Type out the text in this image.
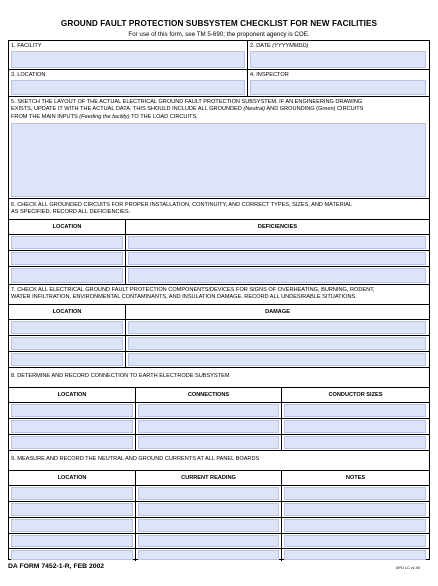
GROUND FAULT PROTECTION SUBSYSTEM CHECKLIST FOR NEW FACILITIES
For use of this form, see TM 5-690; the proponent agency is COE.
1. FACILITY	2. DATE (YYYYMMDD)
3. LOCATION	4. INSPECTOR
5. SKETCH THE LAYOUT OF THE ACTUAL ELECTRICAL GROUND FAULT PROTECTION SUBSYSTEM. IF AN ENGINEERING DRAWING
EXISTS, UPDATE IT WITH THE ACTUAL DATA. THIS SHOULD INCLUDE ALL GROUNDED (Neutral) AND GROUNDING (Green) CIRCUITS
FROM THE MAIN INPUTS (Feeding the facility) TO THE LOAD CIRCUITS.
6. CHECK ALL GROUNDED CIRCUITS FOR PROPER INSTALLATION, CONTINUITY, AND CORRECT TYPES, SIZES, AND MATERIAL
AS SPECIFIED. RECORD ALL DEFICIENCIES.
LOCATION	DEFICIENCIES
7. CHECK ALL ELECTRICAL GROUND FAULT PROTECTION COMPONENTS/DEVICES FOR SIGNS OF OVERHEATING, BURNING, RODENT,
WATER INFILTRATION, ENVIRONMENTAL CONTAMINANTS, AND INSULATION DAMAGE. RECORD ALL UNDESIRABLE SITUATIONS.
LOCATION	DAMAGE
8. DETERMINE AND RECORD CONNECTION TO EARTH ELECTRODE SUBSYSTEM
LOCATION	CONNECTIONS	CONDUCTOR SIZES
9. MEASURE AND RECORD THE NEUTRAL AND GROUND CURRENTS AT ALL PANEL BOARDS
LOCATION	CURRENT READING	NOTES
DA FORM 7452-1-R, FEB 2002	APD LC v1.00
